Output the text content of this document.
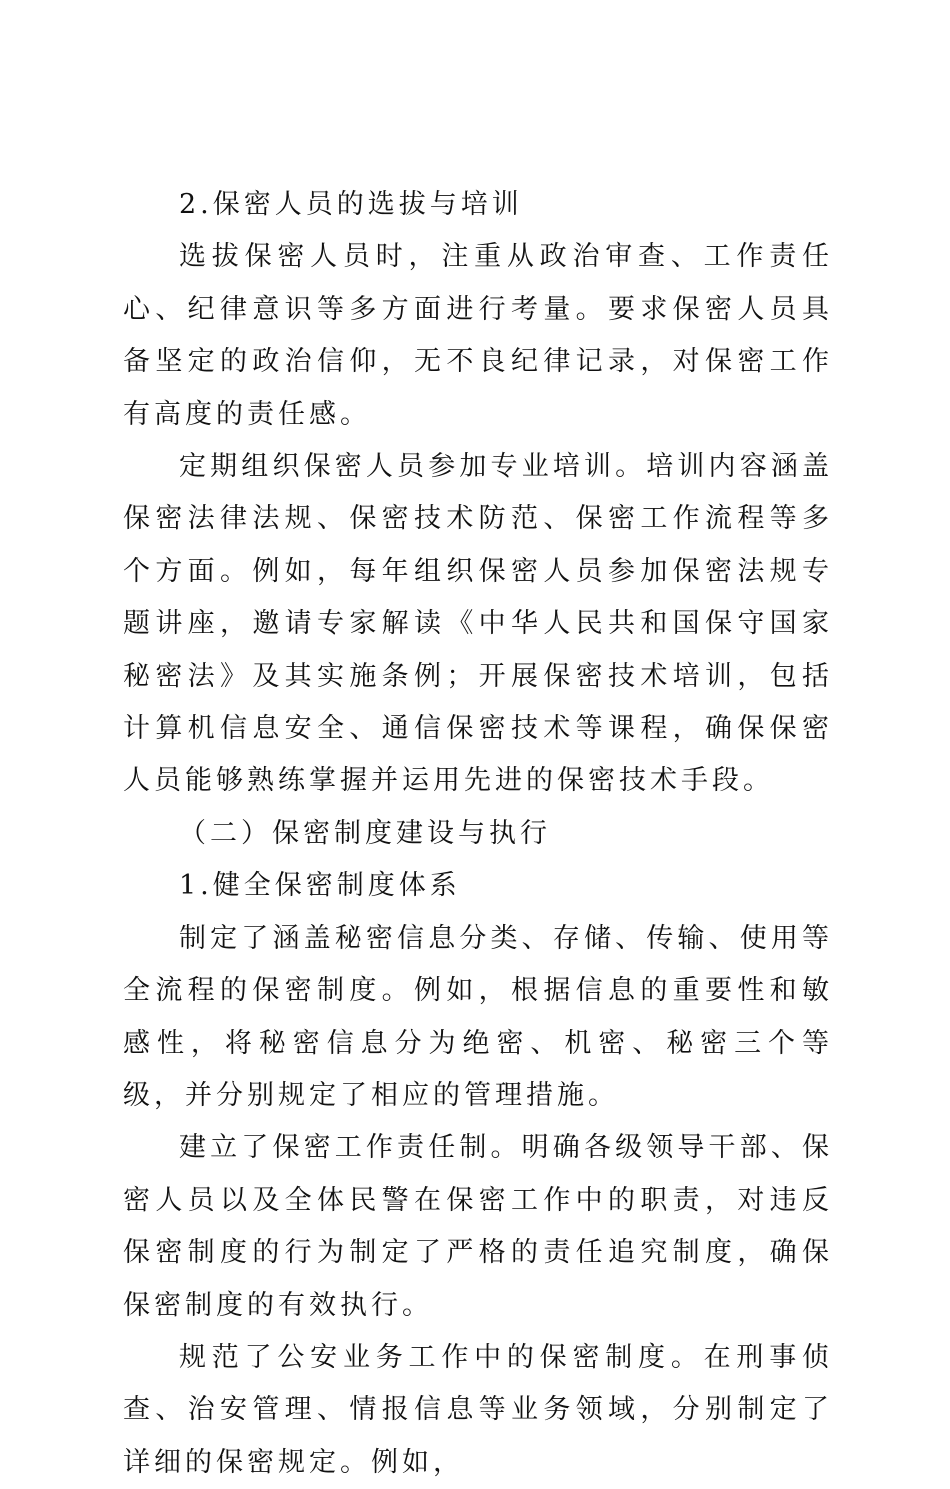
2.保密人员的选拔与培训

选拔保密人员时，注重从政治审查、工作责任心、纪律意识等多方面进行考量。要求保密人员具备坚定的政治信仰，无不良纪律记录，对保密工作有高度的责任感。

定期组织保密人员参加专业培训。培训内容涵盖保密法律法规、保密技术防范、保密工作流程等多个方面。例如，每年组织保密人员参加保密法规专题讲座，邀请专家解读《中华人民共和国保守国家秘密法》及其实施条例；开展保密技术培训，包括计算机信息安全、通信保密技术等课程，确保保密人员能够熟练掌握并运用先进的保密技术手段。

（二）保密制度建设与执行

1.健全保密制度体系

制定了涵盖秘密信息分类、存储、传输、使用等全流程的保密制度。例如，根据信息的重要性和敏感性，将秘密信息分为绝密、机密、秘密三个等级，并分别规定了相应的管理措施。

建立了保密工作责任制。明确各级领导干部、保密人员以及全体民警在保密工作中的职责，对违反保密制度的行为制定了严格的责任追究制度，确保保密制度的有效执行。

规范了公安业务工作中的保密制度。在刑事侦查、治安管理、情报信息等业务领域，分别制定了详细的保密规定。例如，
